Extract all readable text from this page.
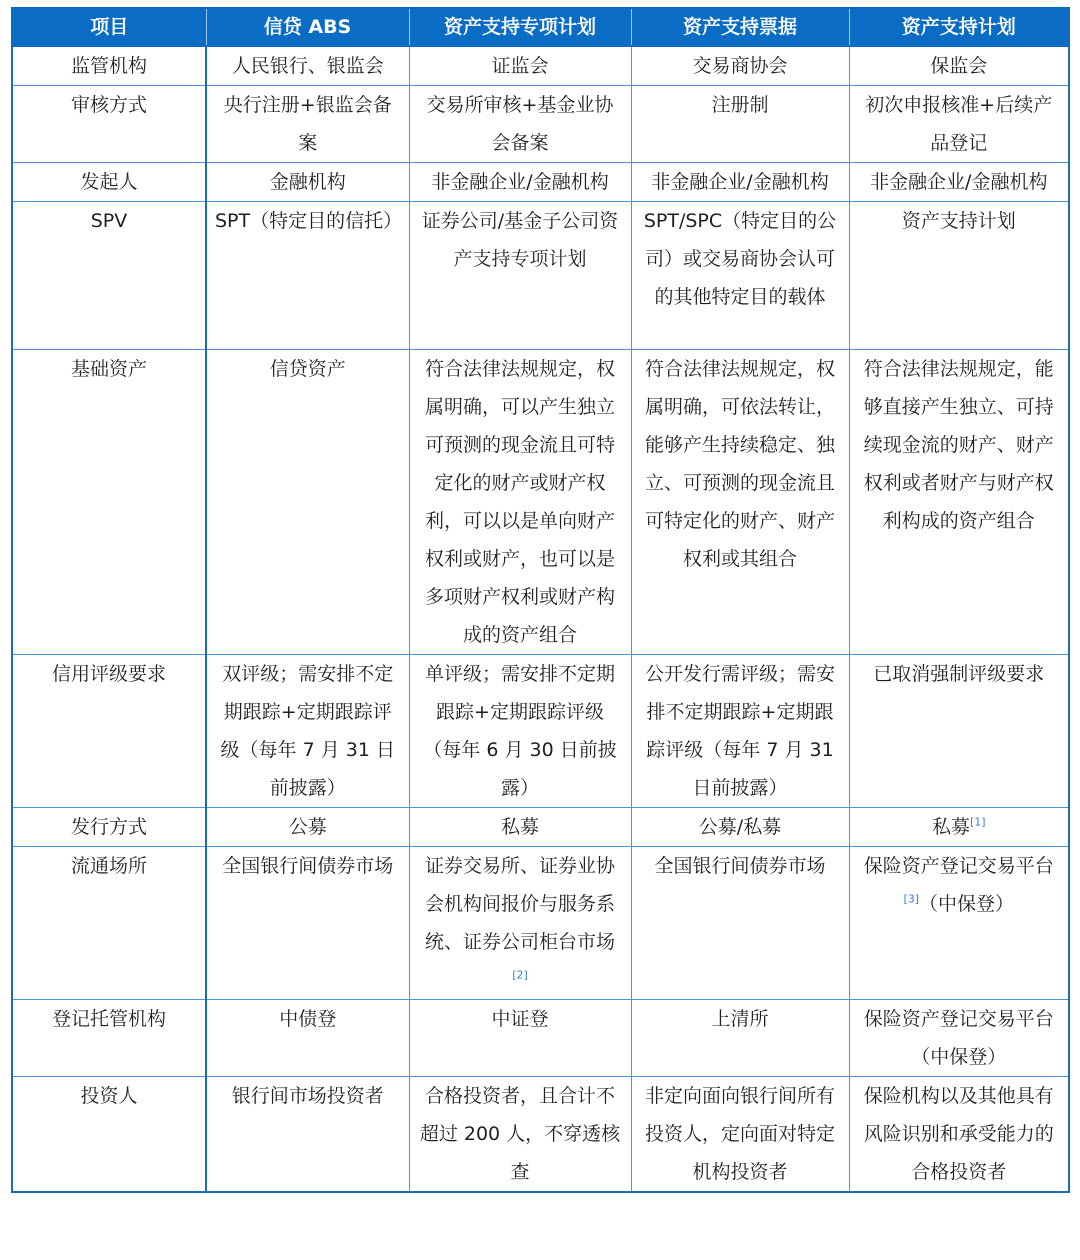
项目	信贷 ABS	资产支持专项计划	资产支持票据	资产支持计划
监管机构	人民银行、银监会	证监会	交易商协会	保监会
审核方式	央行注册+银监会备案	交易所审核+基金业协会备案	注册制	初次申报核准+后续产品登记
发起人	金融机构	非金融企业/金融机构	非金融企业/金融机构	非金融企业/金融机构
SPV	SPT（特定目的信托）	证券公司/基金子公司资产支持专项计划	SPT/SPC（特定目的公司）或交易商协会认可的其他特定目的载体	资产支持计划
基础资产	信贷资产	符合法律法规规定，权属明确，可以产生独立可预测的现金流且可特定化的财产或财产权利，可以以是单向财产权利或财产，也可以是多项财产权利或财产构成的资产组合	符合法律法规规定，权属明确，可依法转让，能够产生持续稳定、独立、可预测的现金流且可特定化的财产、财产权利或其组合	符合法律法规规定，能够直接产生独立、可持续现金流的财产、财产权利或者财产与财产权利构成的资产组合
信用评级要求	双评级；需安排不定期跟踪+定期跟踪评级（每年 7 月 31 日前披露）	单评级；需安排不定期跟踪+定期跟踪评级（每年 6 月 30 日前披露）	公开发行需评级；需安排不定期跟踪+定期跟踪评级（每年 7 月 31 日前披露）	已取消强制评级要求
发行方式	公募	私募	公募/私募	私募[1]
流通场所	全国银行间债券市场	证券交易所、证券业协会机构间报价与服务系统、证券公司柜台市场[2]	全国银行间债券市场	保险资产登记交易平台[3]（中保登）
登记托管机构	中债登	中证登	上清所	保险资产登记交易平台（中保登）
投资人	银行间市场投资者	合格投资者，且合计不超过 200 人，不穿透核查	非定向面向银行间所有投资人，定向面对特定机构投资者	保险机构以及其他具有风险识别和承受能力的合格投资者
